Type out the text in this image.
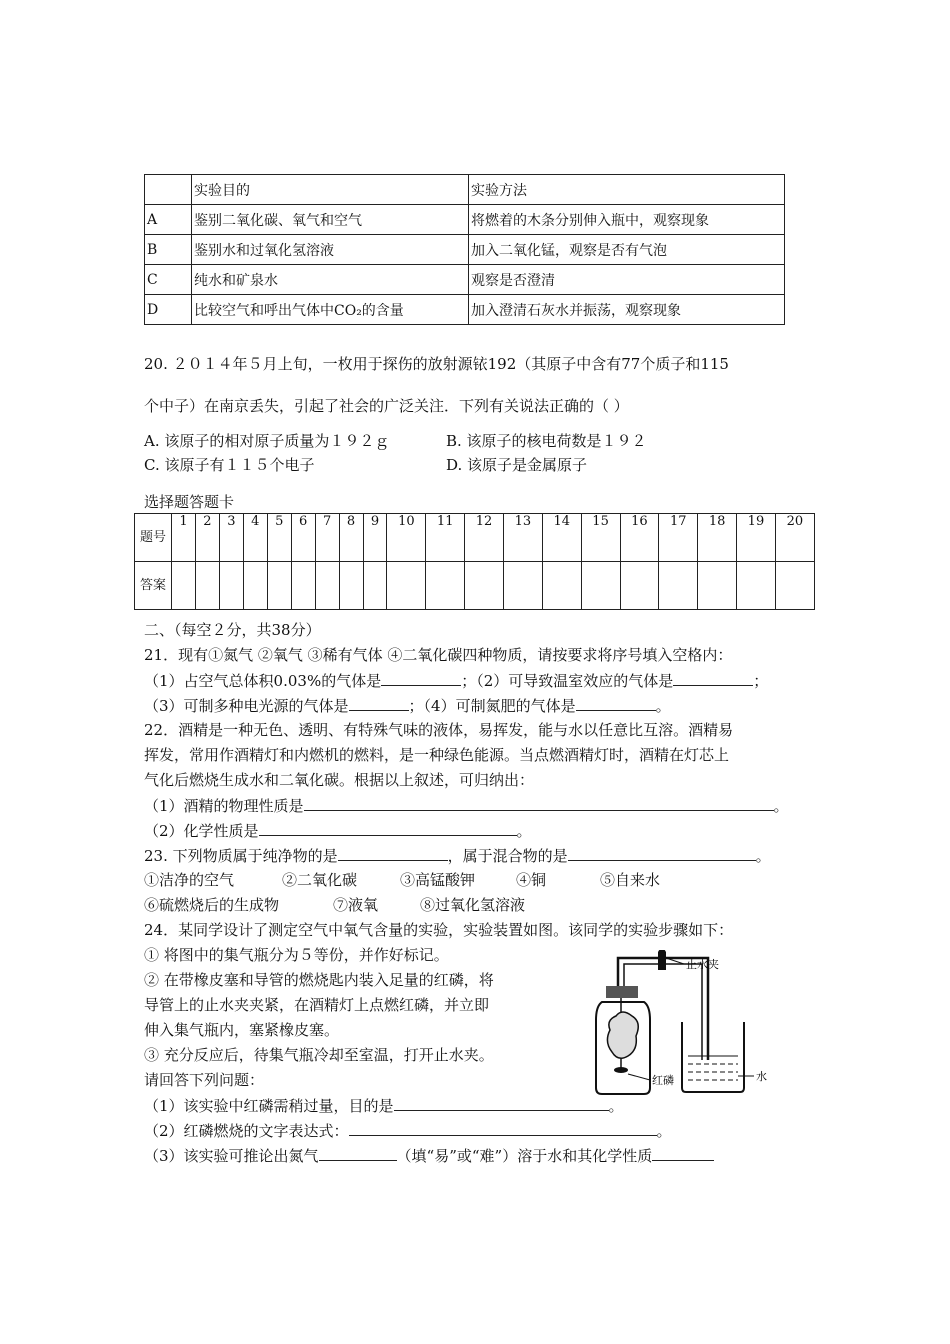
	实验目的	实验方法
A	鉴别二氧化碳、氧气和空气	将燃着的木条分别伸入瓶中，观察现象
B	鉴别水和过氧化氢溶液	加入二氧化锰，观察是否有气泡
C	纯水和矿泉水	观察是否澄清
D	比较空气和呼出气体中CO₂的含量	加入澄清石灰水并振荡，观察现象
20. ２０１４年５月上旬，一枚用于探伤的放射源铱192（其原子中含有77个质子和115
个中子）在南京丢失，引起了社会的广泛关注．下列有关说法正确的（ ）
A. 该原子的相对原子质量为１９２ｇ	B. 该原子的核电荷数是１９２
C. 该原子有１１５个电子	D. 该原子是金属原子
选择题答题卡
题号	1	2	3	4	5	6	7	8	9	10	11	12	13	14	15	16	17	18	19	20
答案																				
二、（每空２分，共38分）
21．现有①氮气 ②氧气 ③稀有气体 ④二氧化碳四种物质，请按要求将序号填入空格内：
（1）占空气总体积0.03%的气体是	；（2）可导致温室效应的气体是	；
（3）可制多种电光源的气体是	；（4）可制氮肥的气体是	。
22．酒精是一种无色、透明、有特殊气味的液体，易挥发，能与水以任意比互溶。酒精易
挥发，常用作酒精灯和内燃机的燃料，是一种绿色能源。当点燃酒精灯时，酒精在灯芯上
气化后燃烧生成水和二氧化碳。根据以上叙述，可归纳出：
（1）酒精的物理性质是	。
（2）化学性质是	。
23. 下列物质属于纯净物的是	，属于混合物的是	。
①洁净的空气	②二氧化碳	③高锰酸钾	④铜	⑤自来水
⑥硫燃烧后的生成物	⑦液氧	⑧过氧化氢溶液
24．某同学设计了测定空气中氧气含量的实验，实验装置如图。该同学的实验步骤如下：
① 将图中的集气瓶分为５等份，并作好标记。
② 在带橡皮塞和导管的燃烧匙内装入足量的红磷，将
导管上的止水夹夹紧，在酒精灯上点燃红磷，并立即
伸入集气瓶内，塞紧橡皮塞。
③ 充分反应后，待集气瓶冷却至室温，打开止水夹。
请回答下列问题：
（1）该实验中红磷需稍过量，目的是	。
（2）红磷燃烧的文字表达式：	。
（3）该实验可推论出氮气	（填“易”或“难”）溶于水和其化学性质
止水夹
红磷	水
